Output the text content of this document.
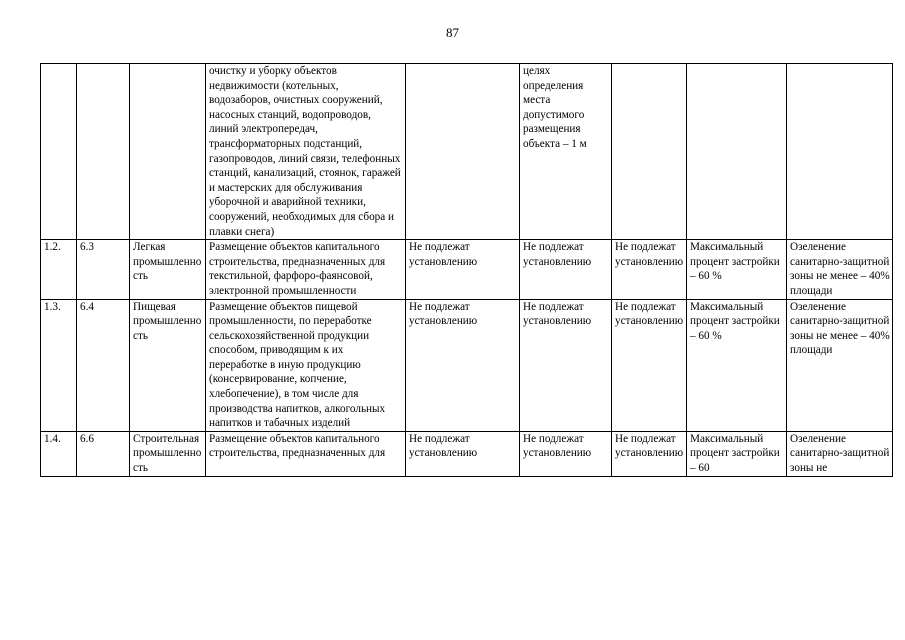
87
			очистку и уборку объектов недвижимости (котельных, водозаборов, очистных сооружений, насосных станций, водопроводов, линий электропередач, трансформаторных подстанций, газопроводов, линий связи, телефонных станций, канализаций, стоянок, гаражей и мастерских для обслуживания уборочной и аварийной техники, сооружений, необходимых для сбора и плавки снега)		целях определения места допустимого размещения объекта – 1 м			
1.2.	6.3	Легкая промышленность	Размещение объектов капитального строительства, предназначенных для текстильной, фарфоро-фаянсовой, электронной промышленности	Не подлежат установлению	Не подлежат установлению	Не подлежат установлению	Максимальный процент застройки – 60 %	Озеленение санитарно-защитной зоны не менее – 40% площади
1.3.	6.4	Пищевая промышленность	Размещение объектов пищевой промышленности, по переработке сельскохозяйственной продукции способом, приводящим к их переработке в иную продукцию (консервирование, копчение, хлебопечение), в том числе для производства напитков, алкогольных напитков и табачных изделий	Не подлежат установлению	Не подлежат установлению	Не подлежат установлению	Максимальный процент застройки – 60 %	Озеленение санитарно-защитной зоны не менее – 40% площади

1.4.	6.6	Строительная промышленность	Размещение объектов капитального строительства, предназначенных для	Не подлежат установлению	Не подлежат установлению	Не подлежат установлению	Максимальный процент застройки – 60	Озеленение санитарно-защитной зоны не
